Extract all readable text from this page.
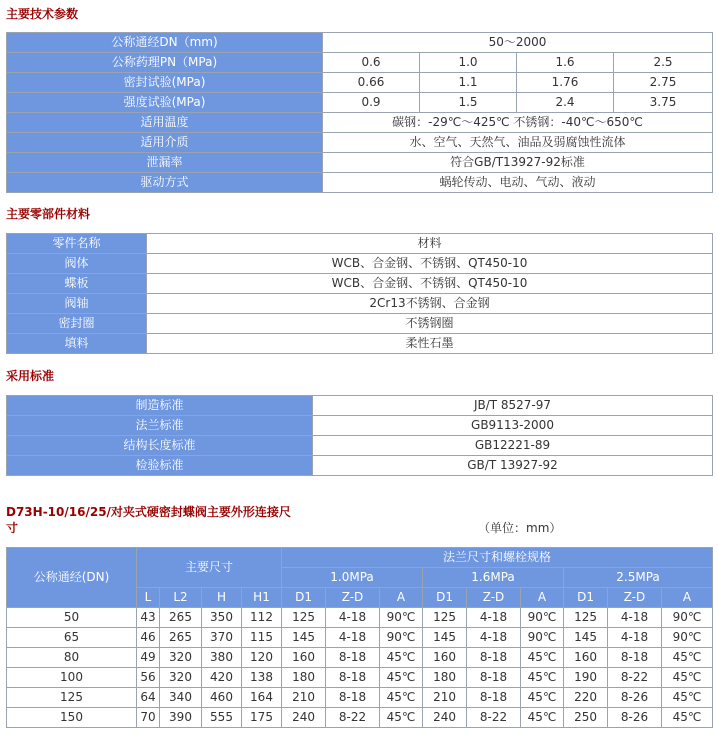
主要技术参数
公称通经DN（mm)	50～2000			
公称药理PN（MPa)	0.6	1.0	1.6	2.5
密封试验(MPa)	0.66	1.1	1.76	2.75
强度试验(MPa)	0.9	1.5	2.4	3.75
适用温度	碳钢：-29℃～425℃ 不锈钢：-40℃～650℃			
适用介质	水、空气、天然气、油品及弱腐蚀性流体			
泄漏率	符合GB/T13927-92标准			
驱动方式	蜗轮传动、电动、气动、液动			
主要零部件材料
零件名称	材料
阀体	WCB、合金钢、不锈钢、QT450-10
蝶板	WCB、合金钢、不锈钢、QT450-10
阀轴	2Cr13不锈钢、合金钢
密封圈	不锈钢圈
填料	柔性石墨
采用标准
制造标准	JB/T 8527-97
法兰标准	GB9113-2000
结构长度标准	GB12221-89
检验标准	GB/T 13927-92
D73H-10/16/25/对夹式硬密封蝶阀主要外形连接尺
寸	（单位：mm）
公称通经(DN)	主要尺寸				法兰尺寸和螺栓规格								
					1.0MPa			1.6MPa			2.5MPa		
	L	L2	H	H1	D1	Z-D	A	D1	Z-D	A	D1	Z-D	A
50	43	265	350	112	125	4-18	90℃	125	4-18	90℃	125	4-18	90℃
65	46	265	370	115	145	4-18	90℃	145	4-18	90℃	145	4-18	90℃
80	49	320	380	120	160	8-18	45℃	160	8-18	45℃	160	8-18	45℃
100	56	320	420	138	180	8-18	45℃	180	8-18	45℃	190	8-22	45℃
125	64	340	460	164	210	8-18	45℃	210	8-18	45℃	220	8-26	45℃
150	70	390	555	175	240	8-22	45℃	240	8-22	45℃	250	8-26	45℃
